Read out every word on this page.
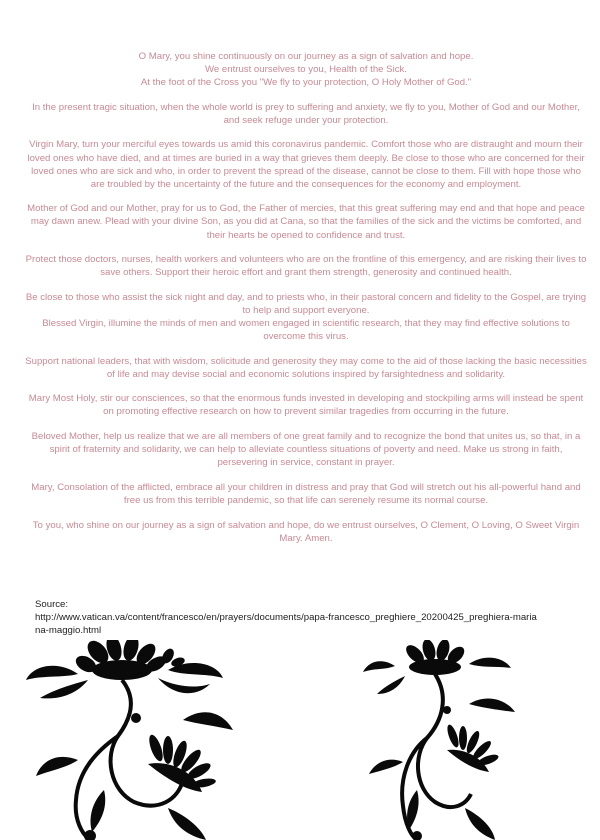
O Mary, you shine continuously on our journey as a sign of salvation and hope.
We entrust ourselves to you, Health of the Sick.
At the foot of the Cross you "We fly to your protection, O Holy Mother of God."

In the present tragic situation, when the whole world is prey to suffering and anxiety, we fly to you, Mother of God and our Mother, and seek refuge under your protection.

Virgin Mary, turn your merciful eyes towards us amid this coronavirus pandemic. Comfort those who are distraught and mourn their loved ones who have died, and at times are buried in a way that grieves them deeply. Be close to those who are concerned for their loved ones who are sick and who, in order to prevent the spread of the disease, cannot be close to them. Fill with hope those who are troubled by the uncertainty of the future and the consequences for the economy and employment.

Mother of God and our Mother, pray for us to God, the Father of mercies, that this great suffering may end and that hope and peace may dawn anew. Plead with your divine Son, as you did at Cana, so that the families of the sick and the victims be comforted, and their hearts be opened to confidence and trust.

Protect those doctors, nurses, health workers and volunteers who are on the frontline of this emergency, and are risking their lives to save others. Support their heroic effort and grant them strength, generosity and continued health.

Be close to those who assist the sick night and day, and to priests who, in their pastoral concern and fidelity to the Gospel, are trying to help and support everyone.
Blessed Virgin, illumine the minds of men and women engaged in scientific research, that they may find effective solutions to overcome this virus.

Support national leaders, that with wisdom, solicitude and generosity they may come to the aid of those lacking the basic necessities of life and may devise social and economic solutions inspired by farsightedness and solidarity.

Mary Most Holy, stir our consciences, so that the enormous funds invested in developing and stockpiling arms will instead be spent on promoting effective research on how to prevent similar tragedies from occurring in the future.

Beloved Mother, help us realize that we are all members of one great family and to recognize the bond that unites us, so that, in a spirit of fraternity and solidarity, we can help to alleviate countless situations of poverty and need. Make us strong in faith, persevering in service, constant in prayer.

Mary, Consolation of the afflicted, embrace all your children in distress and pray that God will stretch out his all-powerful hand and free us from this terrible pandemic, so that life can serenely resume its normal course.

To you, who shine on our journey as a sign of salvation and hope, do we entrust ourselves, O Clement, O Loving, O Sweet Virgin Mary. Amen.

Source:
http://www.vatican.va/content/francesco/en/prayers/documents/papa-francesco_preghiere_20200425_preghiera-maria
na-maggio.html
